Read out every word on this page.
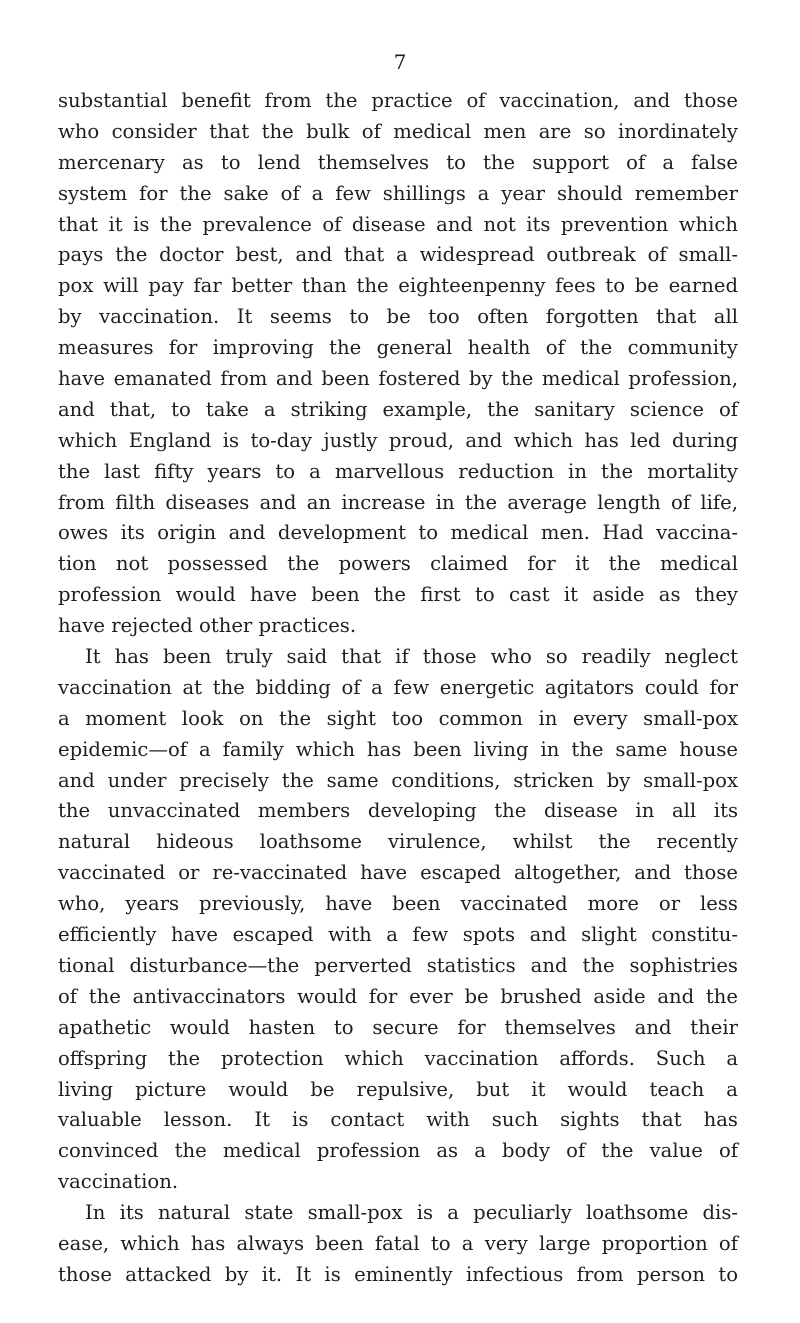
7
substantial benefit from the practice of vaccination, and those
who consider that the bulk of medical men are so inordinately
mercenary as to lend themselves to the support of a false
system for the sake of a few shillings a year should remember
that it is the prevalence of disease and not its prevention which
pays the doctor best, and that a widespread outbreak of small-
pox will pay far better than the eighteenpenny fees to be earned
by vaccination. It seems to be too often forgotten that all
measures for improving the general health of the community
have emanated from and been fostered by the medical profession,
and that, to take a striking example, the sanitary science of
which England is to-day justly proud, and which has led during
the last fifty years to a marvellous reduction in the mortality
from filth diseases and an increase in the average length of life,
owes its origin and development to medical men. Had vaccina-
tion not possessed the powers claimed for it the medical
profession would have been the first to cast it aside as they
have rejected other practices.
It has been truly said that if those who so readily neglect
vaccination at the bidding of a few energetic agitators could for
a moment look on the sight too common in every small-pox
epidemic—of a family which has been living in the same house
and under precisely the same conditions, stricken by small-pox
the unvaccinated members developing the disease in all its
natural hideous loathsome virulence, whilst the recently
vaccinated or re-vaccinated have escaped altogether, and those
who, years previously, have been vaccinated more or less
efficiently have escaped with a few spots and slight constitu-
tional disturbance—the perverted statistics and the sophistries
of the antivaccinators would for ever be brushed aside and the
apathetic would hasten to secure for themselves and their
offspring the protection which vaccination affords. Such a
living picture would be repulsive, but it would teach a
valuable lesson. It is contact with such sights that has
convinced the medical profession as a body of the value of
vaccination.
In its natural state small-pox is a peculiarly loathsome dis-
ease, which has always been fatal to a very large proportion of
those attacked by it. It is eminently infectious from person to
